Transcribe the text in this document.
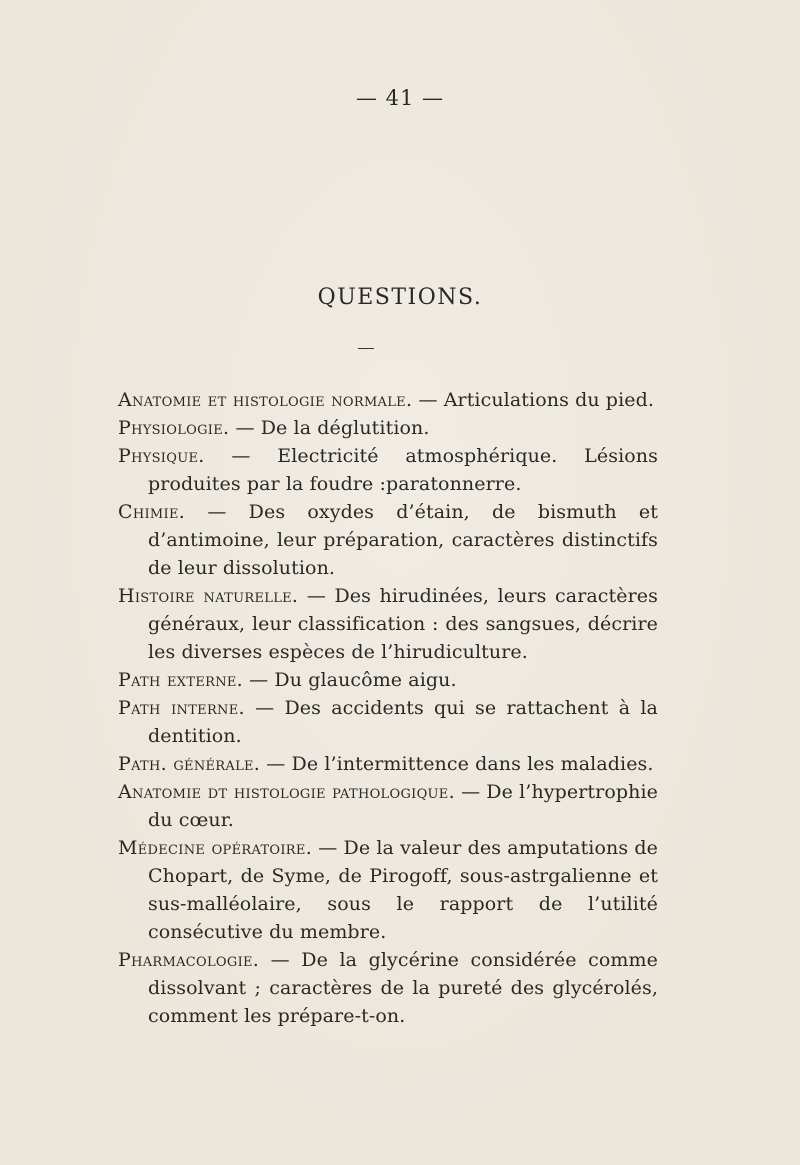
— 41 —
QUESTIONS.

Anatomie et histologie normale. — Articulations du pied.

Physiologie. — De la déglutition.

Physique. — Electricité atmosphérique. Lésions produites par la foudre :paratonnerre.

Chimie. — Des oxydes d’étain, de bismuth et d’antimoine, leur préparation, caractères distinctifs de leur dissolution.

Histoire naturelle. — Des hirudinées, leurs caractères généraux, leur classification : des sangsues, décrire les diverses espèces de l’hirudiculture.

Path externe. — Du glaucôme aigu.

Path interne. — Des accidents qui se rattachent à la dentition.

Path. générale. — De l’intermittence dans les maladies.

Anatomie dt histologie pathologique. — De l’hypertrophie du cœur.

Médecine opératoire. — De la valeur des amputations de Chopart, de Syme, de Pirogoff, sous-astrgalienne et sus-malléolaire, sous le rapport de l’utilité consécutive du membre.

Pharmacologie. — De la glycérine considérée comme dissolvant ; caractères de la pureté des glycérolés, comment les prépare-t-on.
